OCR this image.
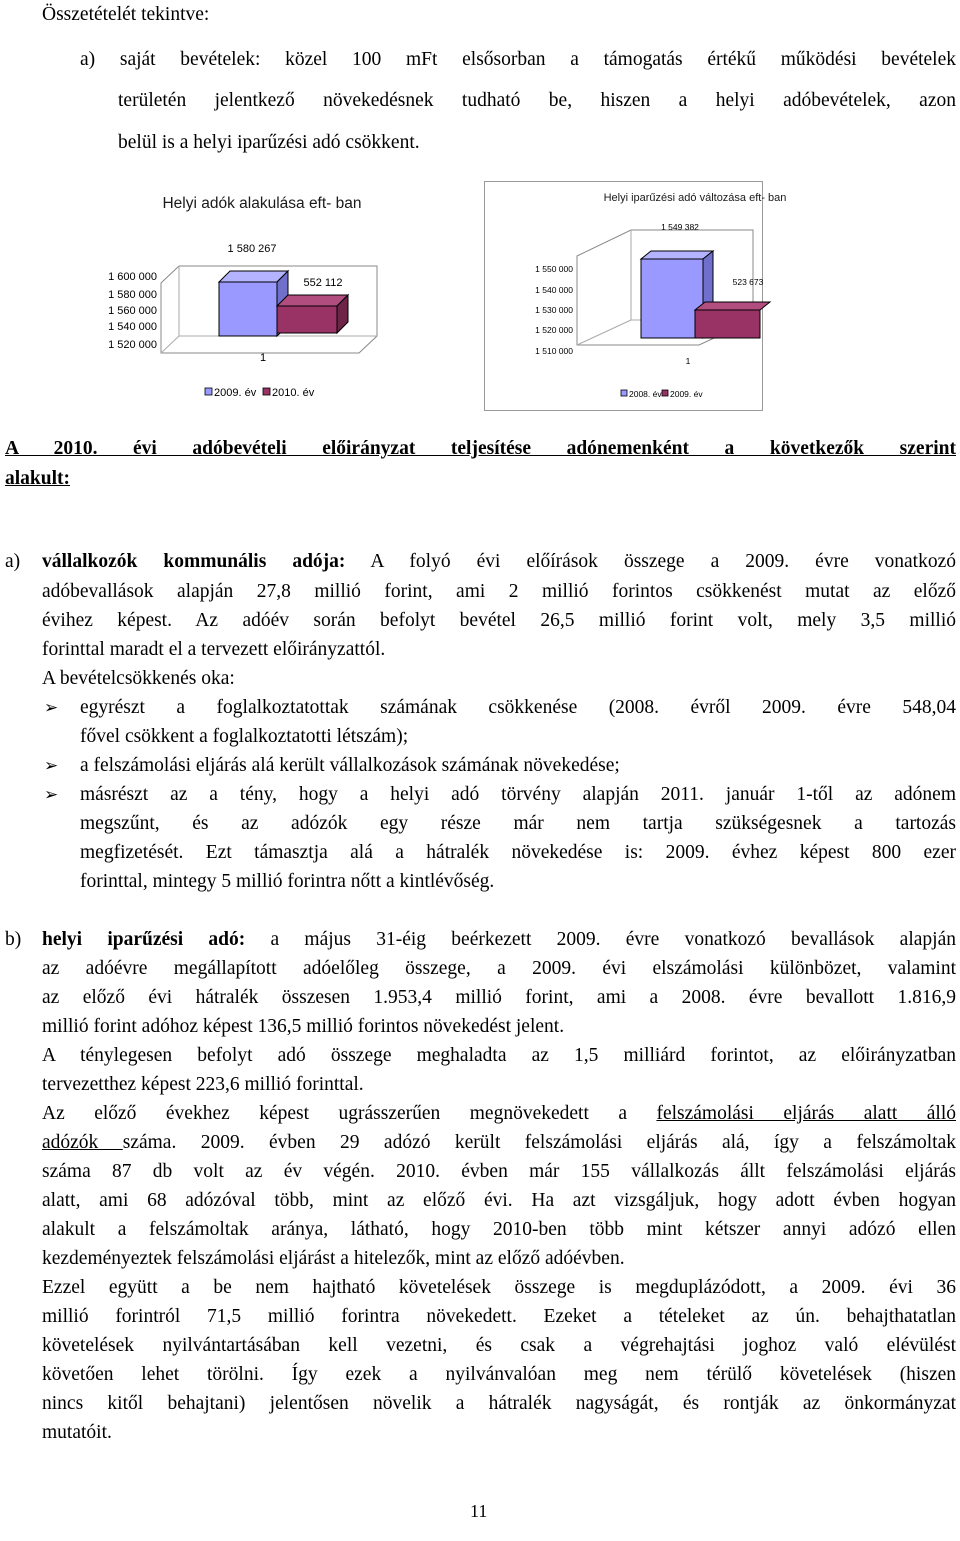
Összetételét tekintve:
a) saját bevételek: közel 100 mFt elsősorban a támogatás értékű működési bevételek
területén jelentkező növekedésnek tudható be, hiszen a helyi adóbevételek, azon
belül is a helyi iparűzési adó csökkent.
Helyi adók alakulása eft- ban
1 600 000
1 580 000
1 560 000
1 540 000
1 520 000
1 580 267
552 112
1
2009. év 2010. év
Helyi iparűzési adó változása eft- ban
1 550 000
1 540 000
1 530 000
1 520 000
1 510 000
1 549 382
523 673
1
2008. év 2009. év
A 2010. évi adóbevételi előirányzat teljesítése adónemenként a következők szerint
alakult:
a) vállalkozók kommunális adója: A folyó évi előírások összege a 2009. évre vonatkozó
adóbevallások alapján 27,8 millió forint, ami 2 millió forintos csökkenést mutat az előző
évihez képest. Az adóév során befolyt bevétel 26,5 millió forint volt, mely 3,5 millió
forinttal maradt el a tervezett előirányzattól.
A bevételcsökkenés oka:
➢ egyrészt a foglalkoztatottak számának csökkenése (2008. évről 2009. évre 548,04
fővel csökkent a foglalkoztatotti létszám);
➢ a felszámolási eljárás alá került vállalkozások számának növekedése;
➢ másrészt az a tény, hogy a helyi adó törvény alapján 2011. január 1-től az adónem
megszűnt, és az adózók egy része már nem tartja szükségesnek a tartozás
megfizetését. Ezt támasztja alá a hátralék növekedése is: 2009. évhez képest 800 ezer
forinttal, mintegy 5 millió forintra nőtt a kintlévőség.
b) helyi iparűzési adó: a május 31-éig beérkezett 2009. évre vonatkozó bevallások alapján
az adóévre megállapított adóelőleg összege, a 2009. évi elszámolási különbözet, valamint
az előző évi hátralék összesen 1.953,4 millió forint, ami a 2008. évre bevallott 1.816,9
millió forint adóhoz képest 136,5 millió forintos növekedést jelent.
A ténylegesen befolyt adó összege meghaladta az 1,5 milliárd forintot, az előirányzatban
tervezetthez képest 223,6 millió forinttal.
Az előző évekhez képest ugrásszerűen megnövekedett a felszámolási eljárás alatt álló
adózók száma. 2009. évben 29 adózó került felszámolási eljárás alá, így a felszámoltak
száma 87 db volt az év végén. 2010. évben már 155 vállalkozás állt felszámolási eljárás
alatt, ami 68 adózóval több, mint az előző évi. Ha azt vizsgáljuk, hogy adott évben hogyan
alakult a felszámoltak aránya, látható, hogy 2010-ben több mint kétszer annyi adózó ellen
kezdeményeztek felszámolási eljárást a hitelezők, mint az előző adóévben.
Ezzel együtt a be nem hajtható követelések összege is megduplázódott, a 2009. évi 36
millió forintról 71,5 millió forintra növekedett. Ezeket a tételeket az ún. behajthatatlan
követelések nyilvántartásában kell vezetni, és csak a végrehajtási joghoz való elévülést
követően lehet törölni. Így ezek a nyilvánvalóan meg nem térülő követelések (hiszen
nincs kitől behajtani) jelentősen növelik a hátralék nagyságát, és rontják az önkormányzat
mutatóit.
11
